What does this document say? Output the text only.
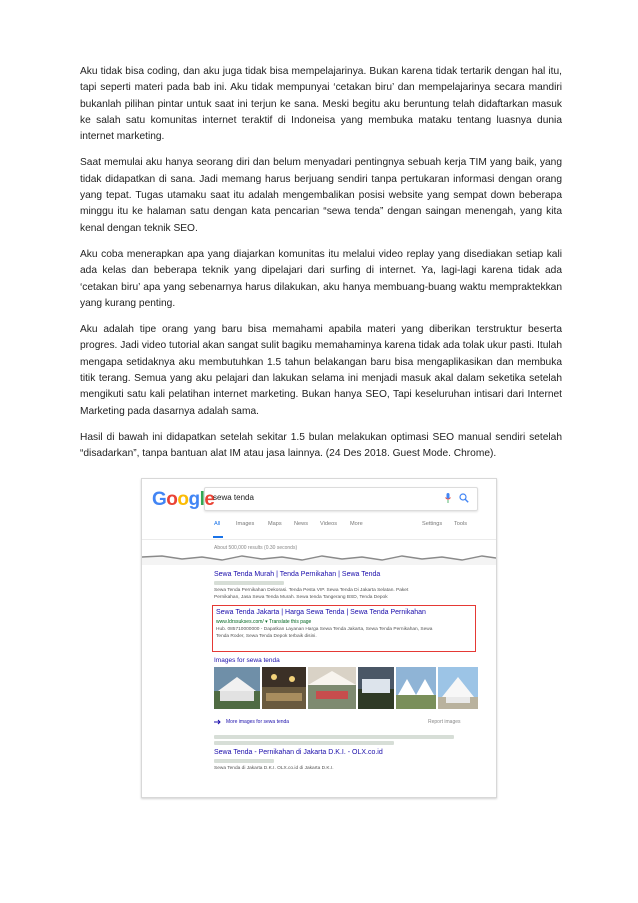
Aku tidak bisa coding, dan aku juga tidak bisa mempelajarinya. Bukan karena tidak tertarik dengan hal itu, tapi seperti materi pada bab ini. Aku tidak mempunyai ‘cetakan biru’ dan mempelajarinya secara mandiri bukanlah pilihan pintar untuk saat ini terjun ke sana. Meski begitu aku beruntung telah didaftarkan masuk ke salah satu komunitas internet teraktif di Indoneisa yang membuka mataku tentang luasnya dunia internet marketing.

Saat memulai aku hanya seorang diri dan belum menyadari pentingnya sebuah kerja TIM yang baik, yang tidak didapatkan di sana. Jadi memang harus berjuang sendiri tanpa pertukaran informasi dengan orang yang tepat. Tugas utamaku saat itu adalah mengembalikan posisi website yang sempat down beberapa minggu itu ke halaman satu dengan kata pencarian “sewa tenda” dengan saingan menengah, yang kita kenal dengan teknik SEO.

Aku coba menerapkan apa yang diajarkan komunitas itu melalui video replay yang disediakan setiap kali ada kelas dan beberapa teknik yang dipelajari dari surfing di internet. Ya, lagi-lagi karena tidak ada ‘cetakan biru’ apa yang sebenarnya harus dilakukan, aku hanya membuang-buang waktu mempraktekkan yang kurang penting.

Aku adalah tipe orang yang baru bisa memahami apabila materi yang diberikan terstruktur beserta progres. Jadi video tutorial akan sangat sulit bagiku memahaminya karena tidak ada tolak ukur pasti. Itulah mengapa setidaknya aku membutuhkan 1.5 tahun belakangan baru bisa mengaplikasikan dan membuka titik terang. Semua yang aku pelajari dan lakukan selama ini menjadi masuk akal dalam seketika setelah mengikuti satu kali pelatihan internet marketing. Bukan hanya SEO, Tapi keseluruhan intisari dari Internet Marketing pada dasarnya adalah sama.

Hasil di bawah ini didapatkan setelah sekitar 1.5 bulan melakukan optimasi SEO manual sendiri setelah “disadarkan”, tanpa bantuan alat IM atau jasa lainnya. (24 Des 2018. Guest Mode. Chrome).

Google
sewa tenda
All	Images Maps News Videos More	Settings Tools
About 500,000 results (0.30 seconds)
Sewa Tenda Murah | Tenda Pernikahan | Sewa Tenda
Sewa Tenda Pernikahan Dekorasi. Tenda Pesta VIP. Sewa Tenda Di Jakarta Selatan. Paket
Pernikahan, Jasa Sewa Tenda Murah. Sewa tenda Tangerang BSD, Tenda Depok
Sewa Tenda Jakarta | Harga Sewa Tenda | Sewa Tenda Pernikahan
www.ldrssukses.com/ ▾ Translate this page
Hub. 085710000000 - Dapatkan Layanan Harga Sewa Tenda Jakarta, Sewa Tenda Pernikahan, Sewa
Tenda Roder, Sewa Tenda Depok terbaik disini.
Images for sewa tenda
More images for sewa tenda	Report images
Sewa Tenda - Pernikahan di Jakarta D.K.I. - OLX.co.id
Sewa Tenda di Jakarta D.K.I. OLX.co.id di Jakarta D.K.I.
